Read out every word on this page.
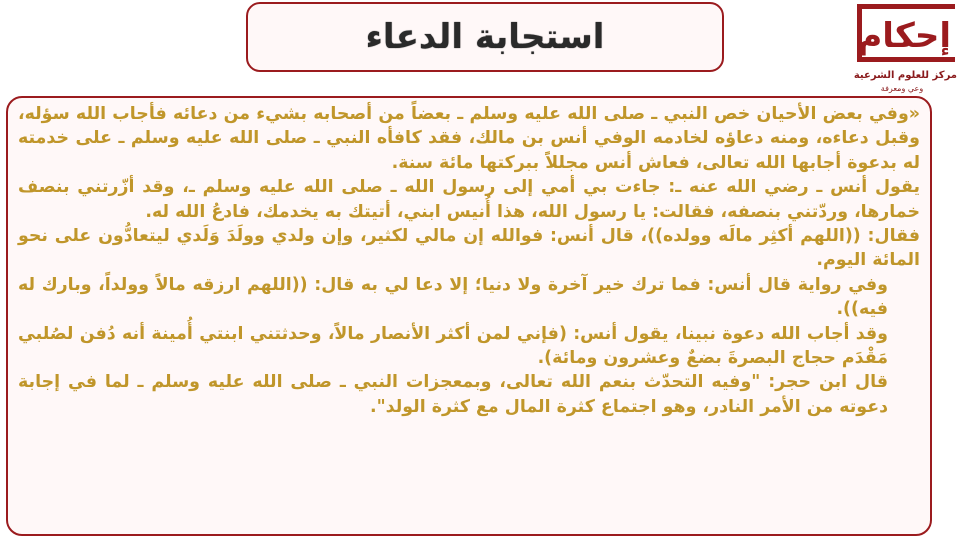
استجابة الدعاء	إحكام
مركز للعلوم الشرعية
وعي ومعرفة

«وفي بعض الأحيان خص النبي ـ صلى الله عليه وسلم ـ بعضاً من أصحابه بشيء من دعائه فأجاب الله سؤله، وقبل دعاءه، ومنه دعاؤه لخادمه الوفي أنس بن مالك، فقد كافأه النبي ـ صلى الله عليه وسلم ـ على خدمته له بدعوة أجابها الله تعالى، فعاش أنس مجللاً ببركتها مائة سنة.

يقول أنس ـ رضي الله عنه ـ: جاءت بي أمي إلى رسول الله ـ صلى الله عليه وسلم ـ، وقد أزّرتني بنصف خمارها، وردّتني بنصفه، فقالت: يا رسول الله، هذا أُنيس ابني، أتيتك به يخدمك، فادعُ الله له.

فقال: ((اللهم أكثِر مالَه وولده))، قال أنس: فوالله إن مالي لكثير، وإن ولدي وولَدَ وَلَدي ليتعادُّون على نحو المائة اليوم.

وفي رواية قال أنس: فما ترك خير آخرة ولا دنيا؛ إلا دعا لي به قال: ((اللهم ارزقه مالاً وولداً، وبارك له فيه)).

وقد أجاب الله دعوة نبينا، يقول أنس: (فإني لمن أكثر الأنصار مالاً، وحدثتني ابنتي أُمينة أنه دُفن لصُلبي مَقْدَم حجاج البصرةَ بضعٌ وعشرون ومائة).

قال ابن حجر: "وفيه التحدّث بنعم الله تعالى، وبمعجزات النبي ـ صلى الله عليه وسلم ـ لما في إجابة دعوته من الأمر النادر، وهو اجتماع كثرة المال مع كثرة الولد".
